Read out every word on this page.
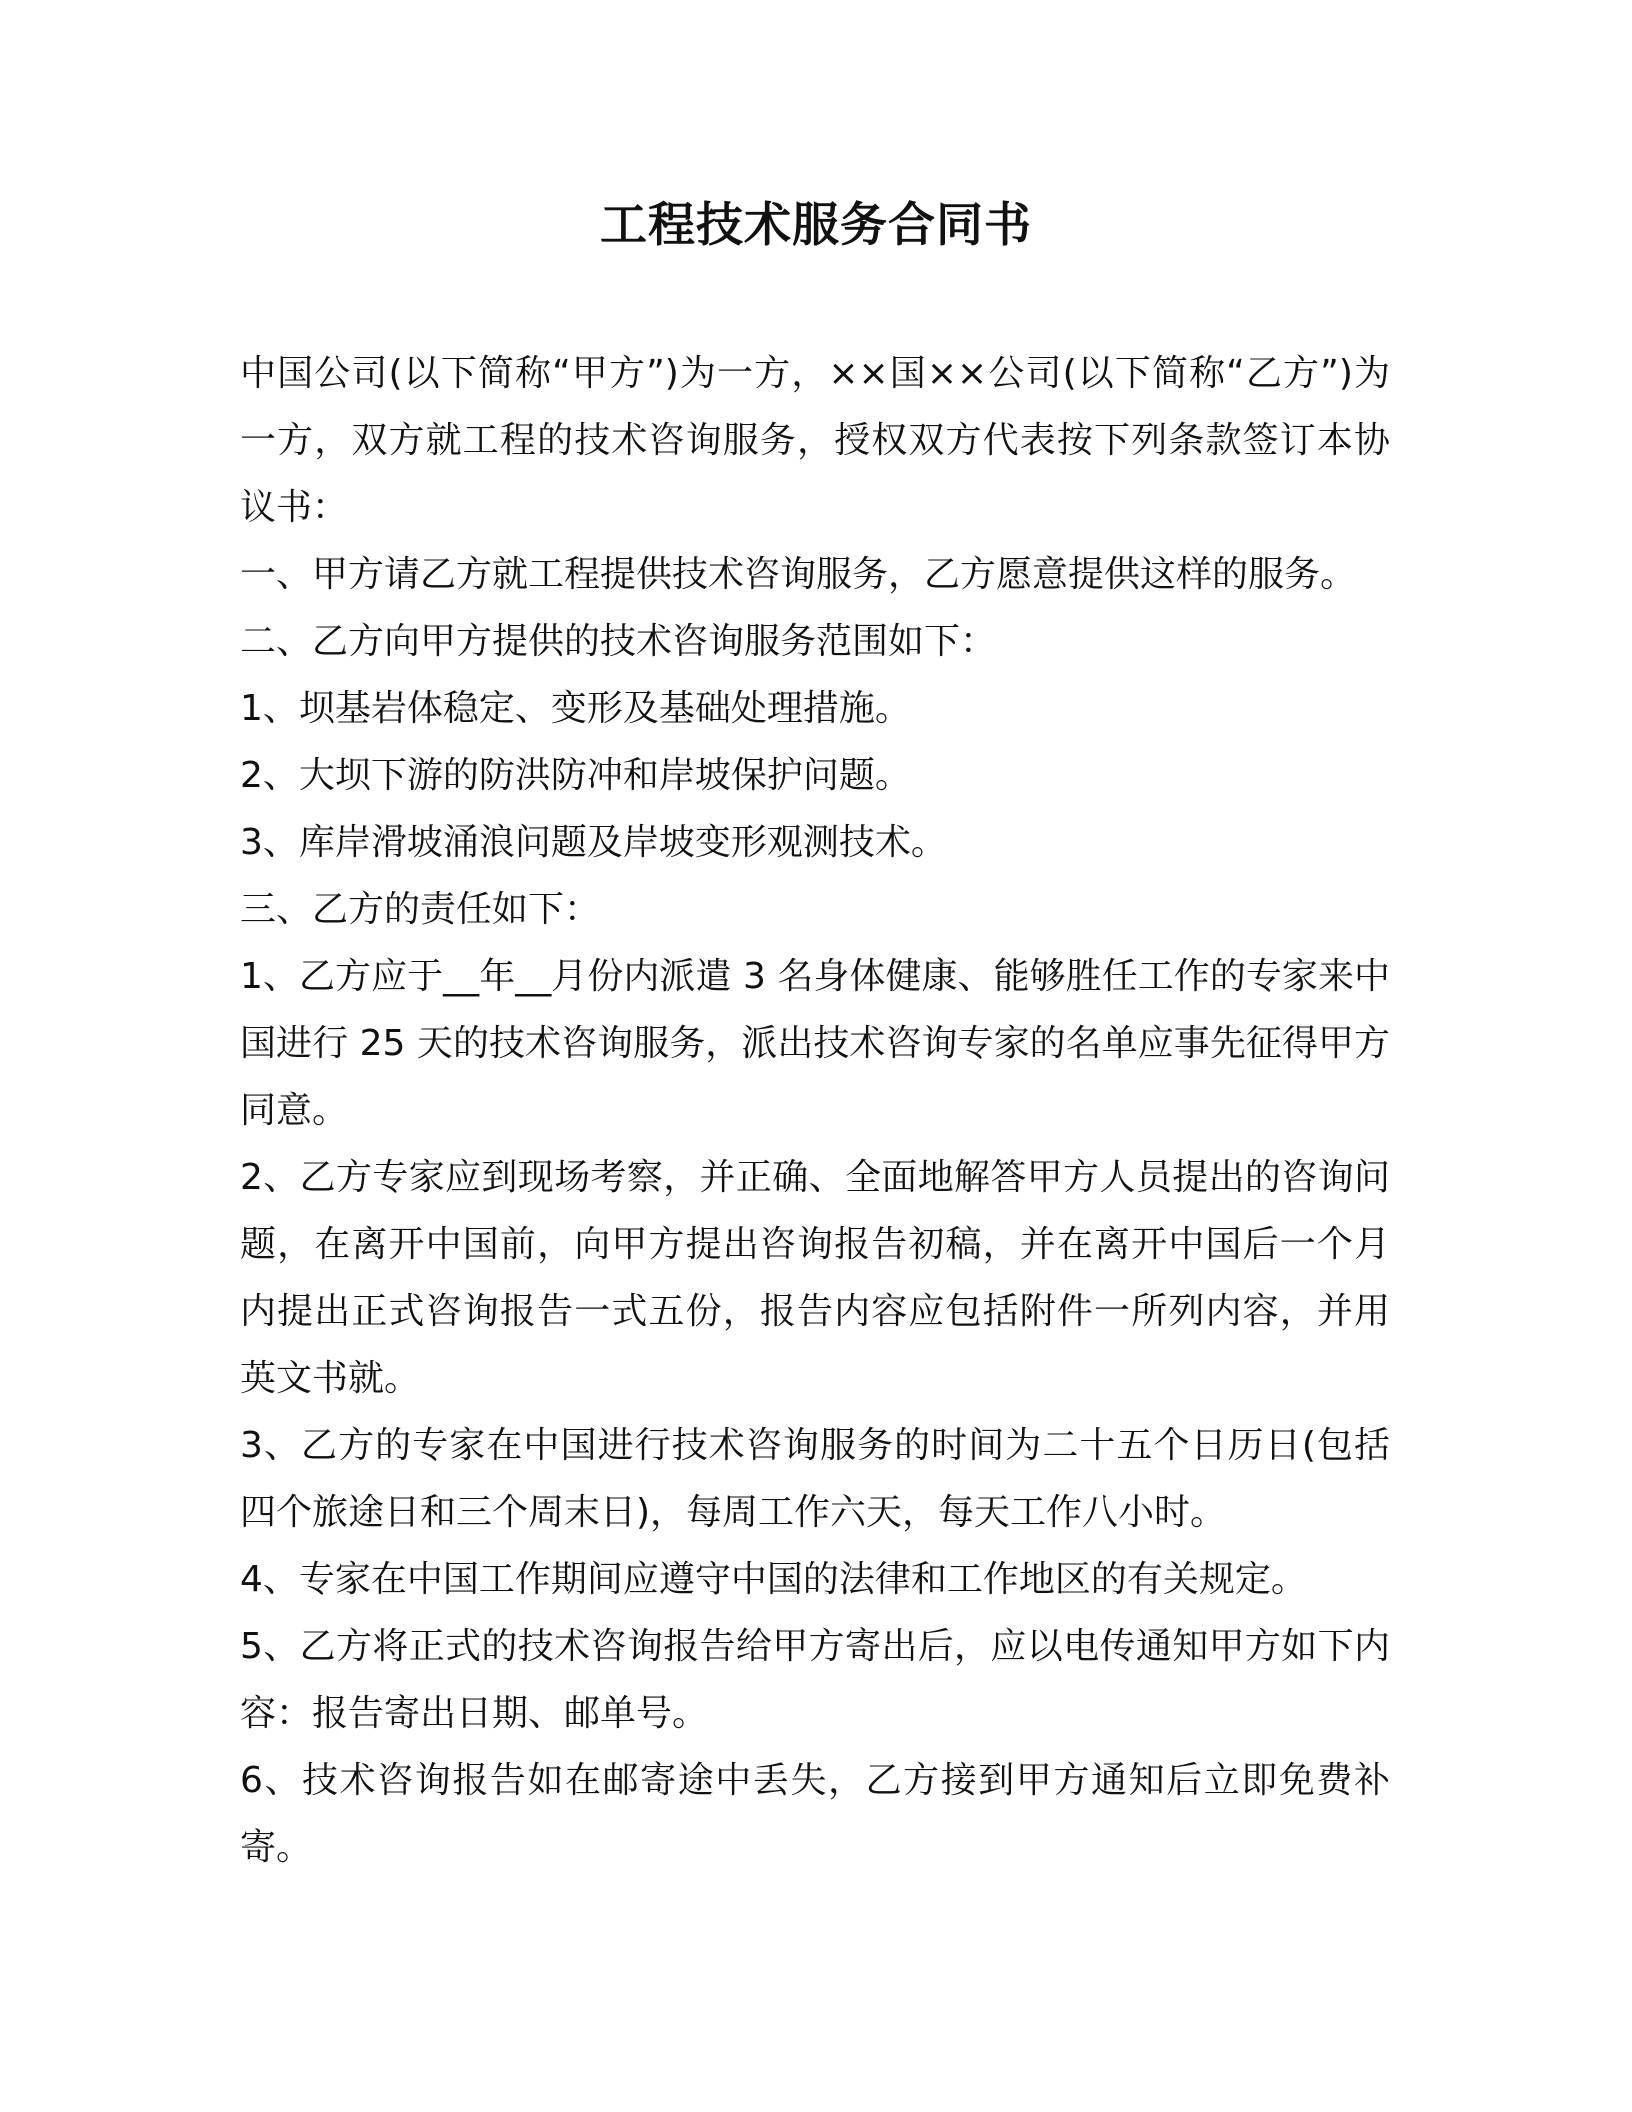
工程技术服务合同书

中国公司(以下简称“甲方”)为一方，××国××公司(以下简称“乙方”)为一方，双方就工程的技术咨询服务，授权双方代表按下列条款签订本协议书：

一、甲方请乙方就工程提供技术咨询服务，乙方愿意提供这样的服务。

二、乙方向甲方提供的技术咨询服务范围如下：

1、坝基岩体稳定、变形及基础处理措施。

2、大坝下游的防洪防冲和岸坡保护问题。

3、库岸滑坡涌浪问题及岸坡变形观测技术。

三、乙方的责任如下：

1、乙方应于__年__月份内派遣 3 名身体健康、能够胜任工作的专家来中国进行 25 天的技术咨询服务，派出技术咨询专家的名单应事先征得甲方同意。

2、乙方专家应到现场考察，并正确、全面地解答甲方人员提出的咨询问题，在离开中国前，向甲方提出咨询报告初稿，并在离开中国后一个月内提出正式咨询报告一式五份，报告内容应包括附件一所列内容，并用英文书就。

3、乙方的专家在中国进行技术咨询服务的时间为二十五个日历日(包括四个旅途日和三个周末日)，每周工作六天，每天工作八小时。

4、专家在中国工作期间应遵守中国的法律和工作地区的有关规定。

5、乙方将正式的技术咨询报告给甲方寄出后，应以电传通知甲方如下内容：报告寄出日期、邮单号。

6、技术咨询报告如在邮寄途中丢失，乙方接到甲方通知后立即免费补寄。
